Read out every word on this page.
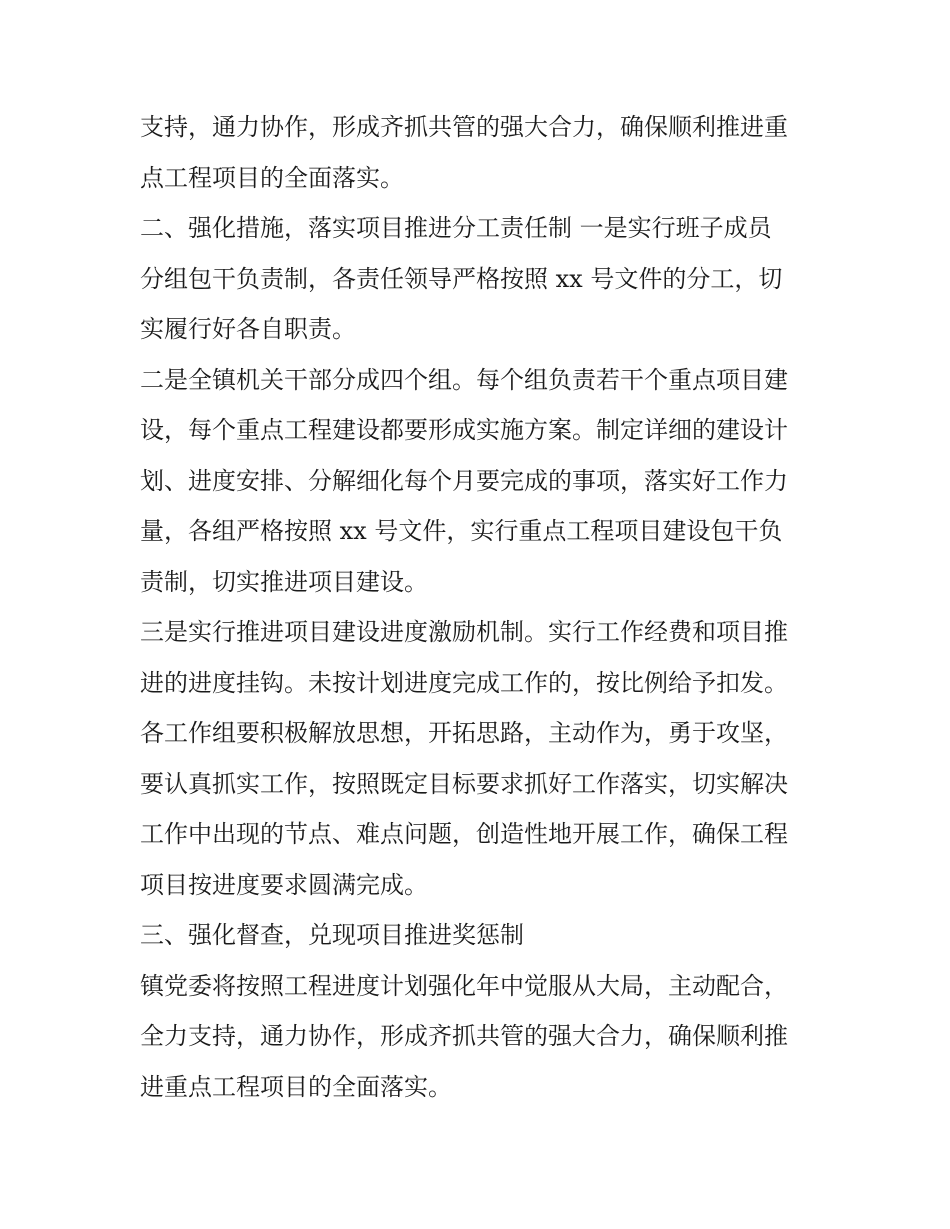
支持，通力协作，形成齐抓共管的强大合力，确保顺利推进重
点工程项目的全面落实。
二、强化措施，落实项目推进分工责任制 一是实行班子成员
分组包干负责制，各责任领导严格按照 xx 号文件的分工，切
实履行好各自职责。
二是全镇机关干部分成四个组。每个组负责若干个重点项目建
设，每个重点工程建设都要形成实施方案。制定详细的建设计
划、进度安排、分解细化每个月要完成的事项，落实好工作力
量，各组严格按照 xx 号文件，实行重点工程项目建设包干负
责制，切实推进项目建设。
三是实行推进项目建设进度激励机制。实行工作经费和项目推
进的进度挂钩。未按计划进度完成工作的，按比例给予扣发。
各工作组要积极解放思想，开拓思路，主动作为，勇于攻坚，
要认真抓实工作，按照既定目标要求抓好工作落实，切实解决
工作中出现的节点、难点问题，创造性地开展工作，确保工程
项目按进度要求圆满完成。
三、强化督查，兑现项目推进奖惩制
镇党委将按照工程进度计划强化年中觉服从大局，主动配合，
全力支持，通力协作，形成齐抓共管的强大合力，确保顺利推
进重点工程项目的全面落实。
